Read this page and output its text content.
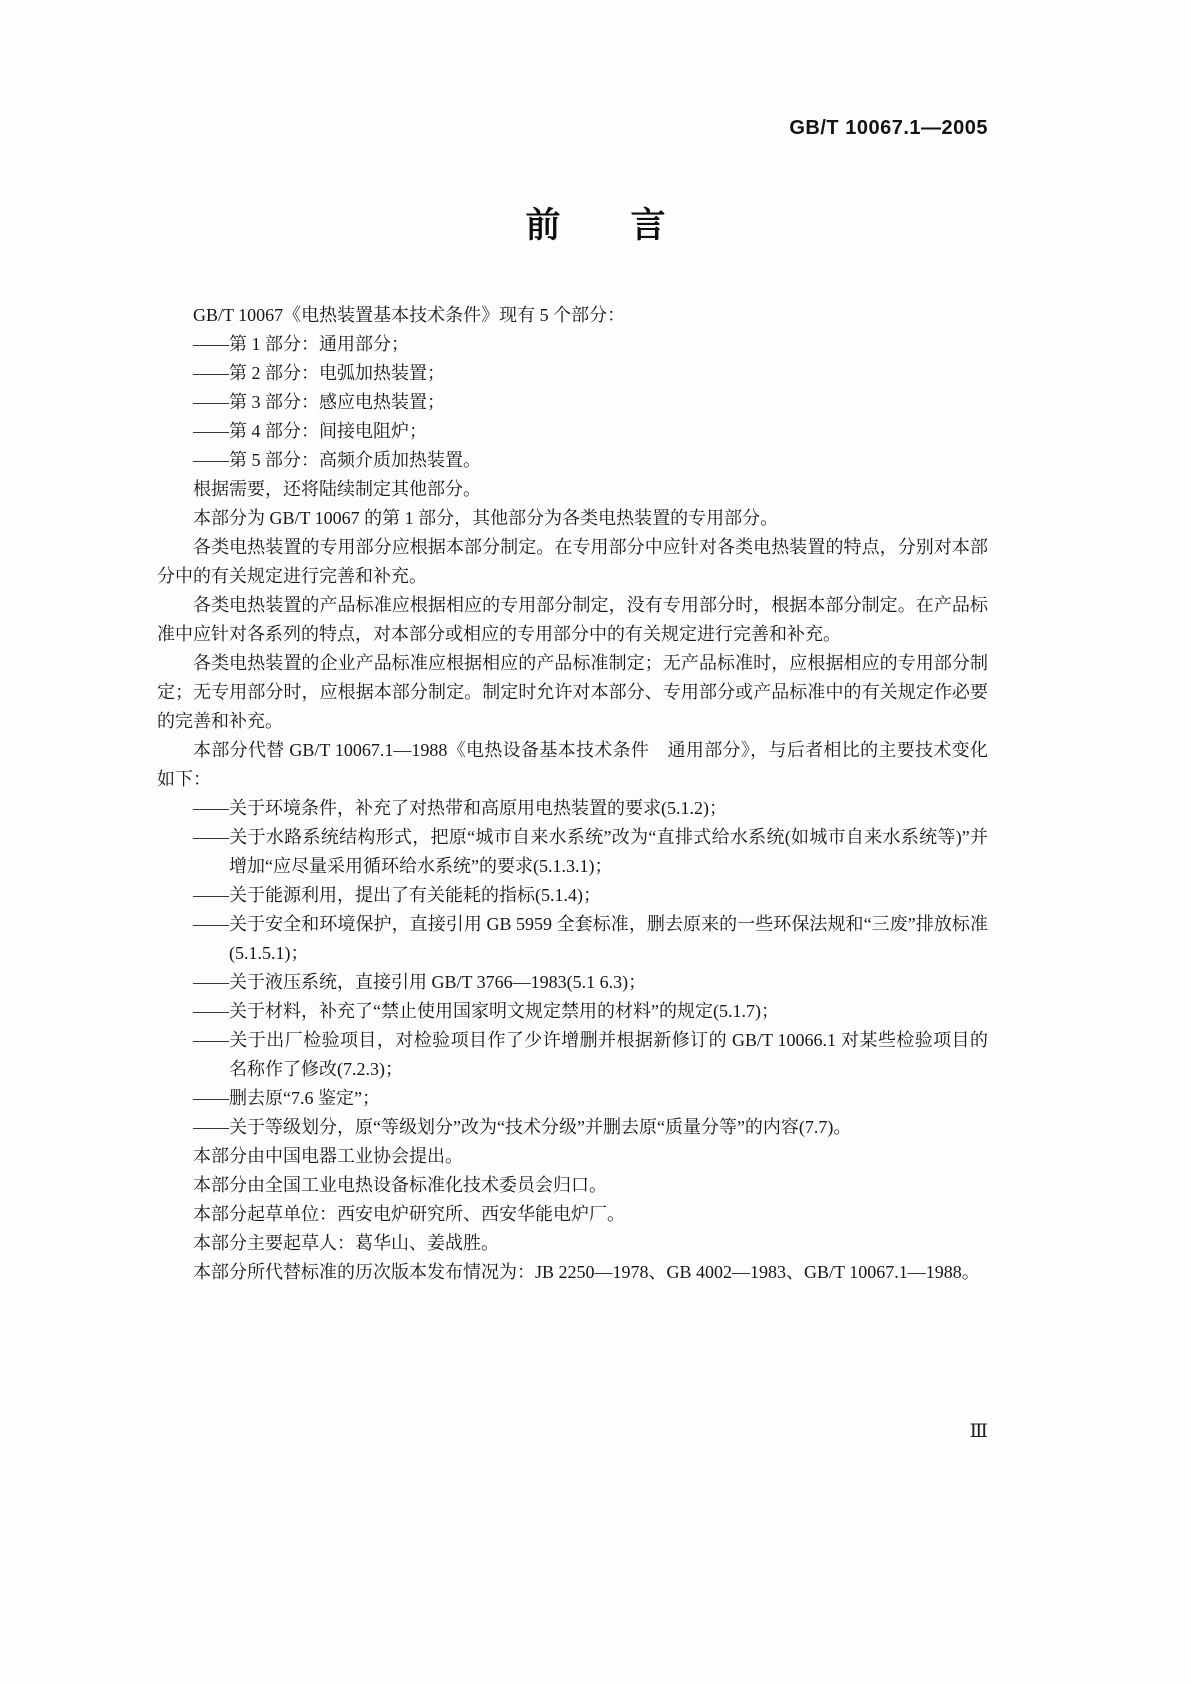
GB/T 10067.1—2005
前　　言
GB/T 10067《电热装置基本技术条件》现有 5 个部分：
——第 1 部分：通用部分；
——第 2 部分：电弧加热装置；
——第 3 部分：感应电热装置；
——第 4 部分：间接电阻炉；
——第 5 部分：高频介质加热装置。
根据需要，还将陆续制定其他部分。
本部分为 GB/T 10067 的第 1 部分，其他部分为各类电热装置的专用部分。
各类电热装置的专用部分应根据本部分制定。在专用部分中应针对各类电热装置的特点，分别对本部分中的有关规定进行完善和补充。
各类电热装置的产品标准应根据相应的专用部分制定，没有专用部分时，根据本部分制定。在产品标准中应针对各系列的特点，对本部分或相应的专用部分中的有关规定进行完善和补充。
各类电热装置的企业产品标准应根据相应的产品标准制定；无产品标准时，应根据相应的专用部分制定；无专用部分时，应根据本部分制定。制定时允许对本部分、专用部分或产品标准中的有关规定作必要的完善和补充。
本部分代替 GB/T 10067.1—1988《电热设备基本技术条件　通用部分》，与后者相比的主要技术变化如下：
——关于环境条件，补充了对热带和高原用电热装置的要求(5.1.2)；
——关于水路系统结构形式，把原“城市自来水系统”改为“直排式给水系统(如城市自来水系统等)”并增加“应尽量采用循环给水系统”的要求(5.1.3.1)；
——关于能源利用，提出了有关能耗的指标(5.1.4)；
——关于安全和环境保护，直接引用 GB 5959 全套标准，删去原来的一些环保法规和“三废”排放标准(5.1.5.1)；
——关于液压系统，直接引用 GB/T 3766—1983(5.1 6.3)；
——关于材料，补充了“禁止使用国家明文规定禁用的材料”的规定(5.1.7)；
——关于出厂检验项目，对检验项目作了少许增删并根据新修订的 GB/T 10066.1 对某些检验项目的名称作了修改(7.2.3)；
——删去原“7.6 鉴定”；
——关于等级划分，原“等级划分”改为“技术分级”并删去原“质量分等”的内容(7.7)。
本部分由中国电器工业协会提出。
本部分由全国工业电热设备标准化技术委员会归口。
本部分起草单位：西安电炉研究所、西安华能电炉厂。
本部分主要起草人：葛华山、姜战胜。
本部分所代替标准的历次版本发布情况为：JB 2250—1978、GB 4002—1983、GB/T 10067.1—1988。
Ⅲ
